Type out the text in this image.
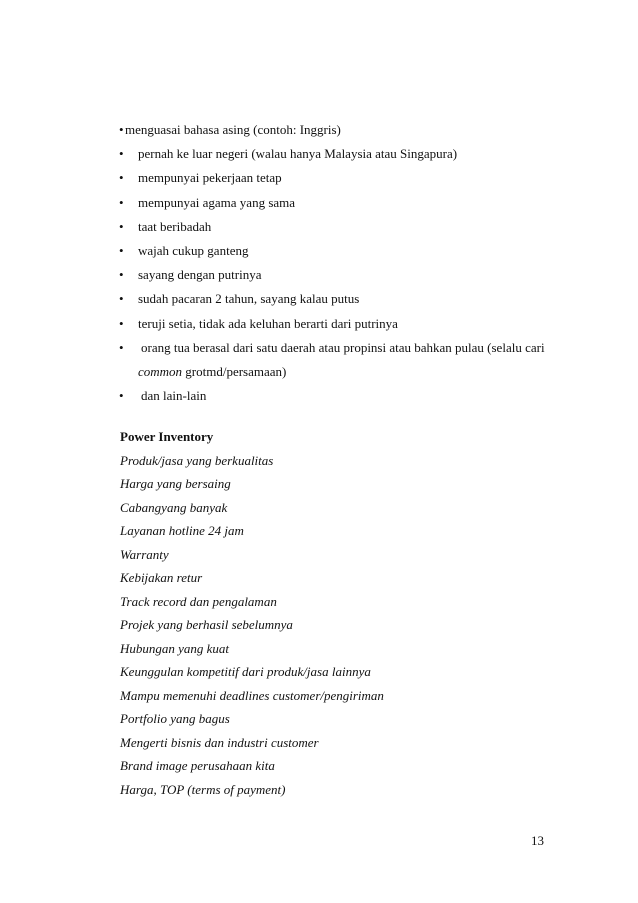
• menguasai bahasa asing (contoh: Inggris)
• pernah ke luar negeri (walau hanya Malaysia atau Singapura)
• mempunyai pekerjaan tetap
• mempunyai agama yang sama
• taat beribadah
• wajah cukup ganteng
• sayang dengan putrinya
• sudah pacaran 2 tahun, sayang kalau putus
• teruji setia, tidak ada keluhan berarti dari putrinya
• orang tua berasal dari satu daerah atau propinsi atau bahkan pulau (selalu cari
common grotmd/persamaan)
• dan lain-lain
Power Inventory
Produk/jasa yang berkualitas
Harga yang bersaing
Cabangyang banyak
Layanan hotline 24 jam
Warranty
Kebijakan retur
Track record dan pengalaman
Projek yang berhasil sebelumnya
Hubungan yang kuat
Keunggulan kompetitif dari produk/jasa lainnya
Mampu memenuhi deadlines customer/pengiriman
Portfolio yang bagus
Mengerti bisnis dan industri customer
Brand image perusahaan kita
Harga, TOP (terms of payment)
13
